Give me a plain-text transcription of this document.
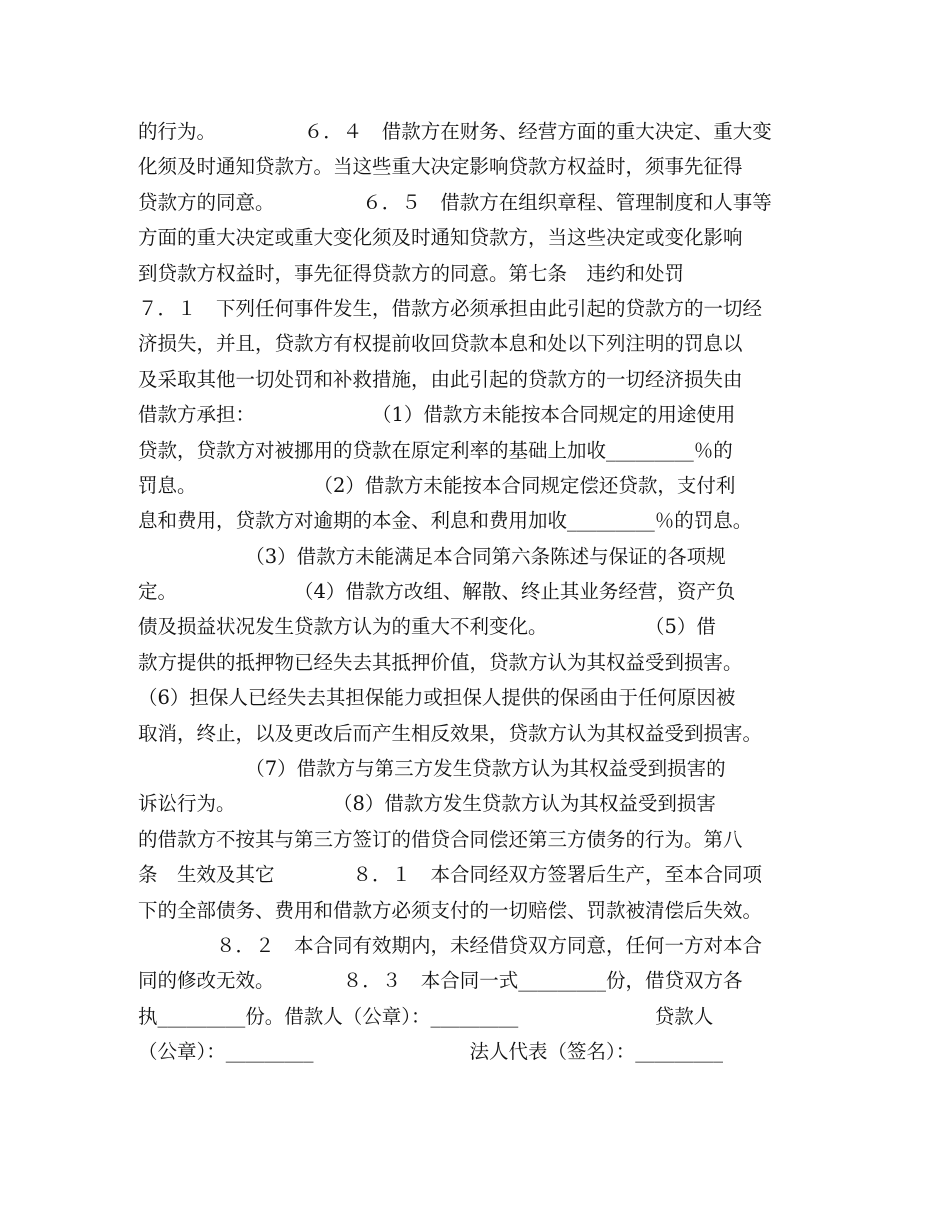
的行为。　　　　　６．４　借款方在财务、经营方面的重大决定、重大变
化须及时通知贷款方。当这些重大决定影响贷款方权益时，须事先征得
贷款方的同意。　　　　　６．５　借款方在组织章程、管理制度和人事等
方面的重大决定或重大变化须及时通知贷款方，当这些决定或变化影响
到贷款方权益时，事先征得贷款方的同意。第七条　违约和处罚
７．１　下列任何事件发生，借款方必须承担由此引起的贷款方的一切经
济损失，并且，贷款方有权提前收回贷款本息和处以下列注明的罚息以
及采取其他一切处罚和补救措施，由此引起的贷款方的一切经济损失由
借款方承担：　　　　　　　（1）借款方未能按本合同规定的用途使用
贷款，贷款方对被挪用的贷款在原定利率的基础上加收_________％的
罚息。　　　　　　　（2）借款方未能按本合同规定偿还贷款，支付利
息和费用，贷款方对逾期的本金、利息和费用加收_________％的罚息。
　　　　　　（3）借款方未能满足本合同第六条陈述与保证的各项规
定。　　　　　　　（4）借款方改组、解散、终止其业务经营，资产负
债及损益状况发生贷款方认为的重大不利变化。　　　　　　（5）借
款方提供的抵押物已经失去其抵押价值，贷款方认为其权益受到损害。
（6）担保人已经失去其担保能力或担保人提供的保函由于任何原因被
取消，终止，以及更改后而产生相反效果，贷款方认为其权益受到损害。
　　　　　　（7）借款方与第三方发生贷款方认为其权益受到损害的
诉讼行为。　　　　　　（8）借款方发生贷款方认为其权益受到损害
的借款方不按其与第三方签订的借贷合同偿还第三方债务的行为。第八
条　生效及其它　　　　８．１　本合同经双方签署后生产，至本合同项
下的全部债务、费用和借款方必须支付的一切赔偿、罚款被清偿后失效。
　　　　８．２　本合同有效期内，未经借贷双方同意，任何一方对本合
同的修改无效。　　　　８．３　本合同一式_________份，借贷双方各
执_________份。借款人（公章）：_________　　　　　　　贷款人
（公章）：_________　　　　　　　　法人代表（签名）：_________
